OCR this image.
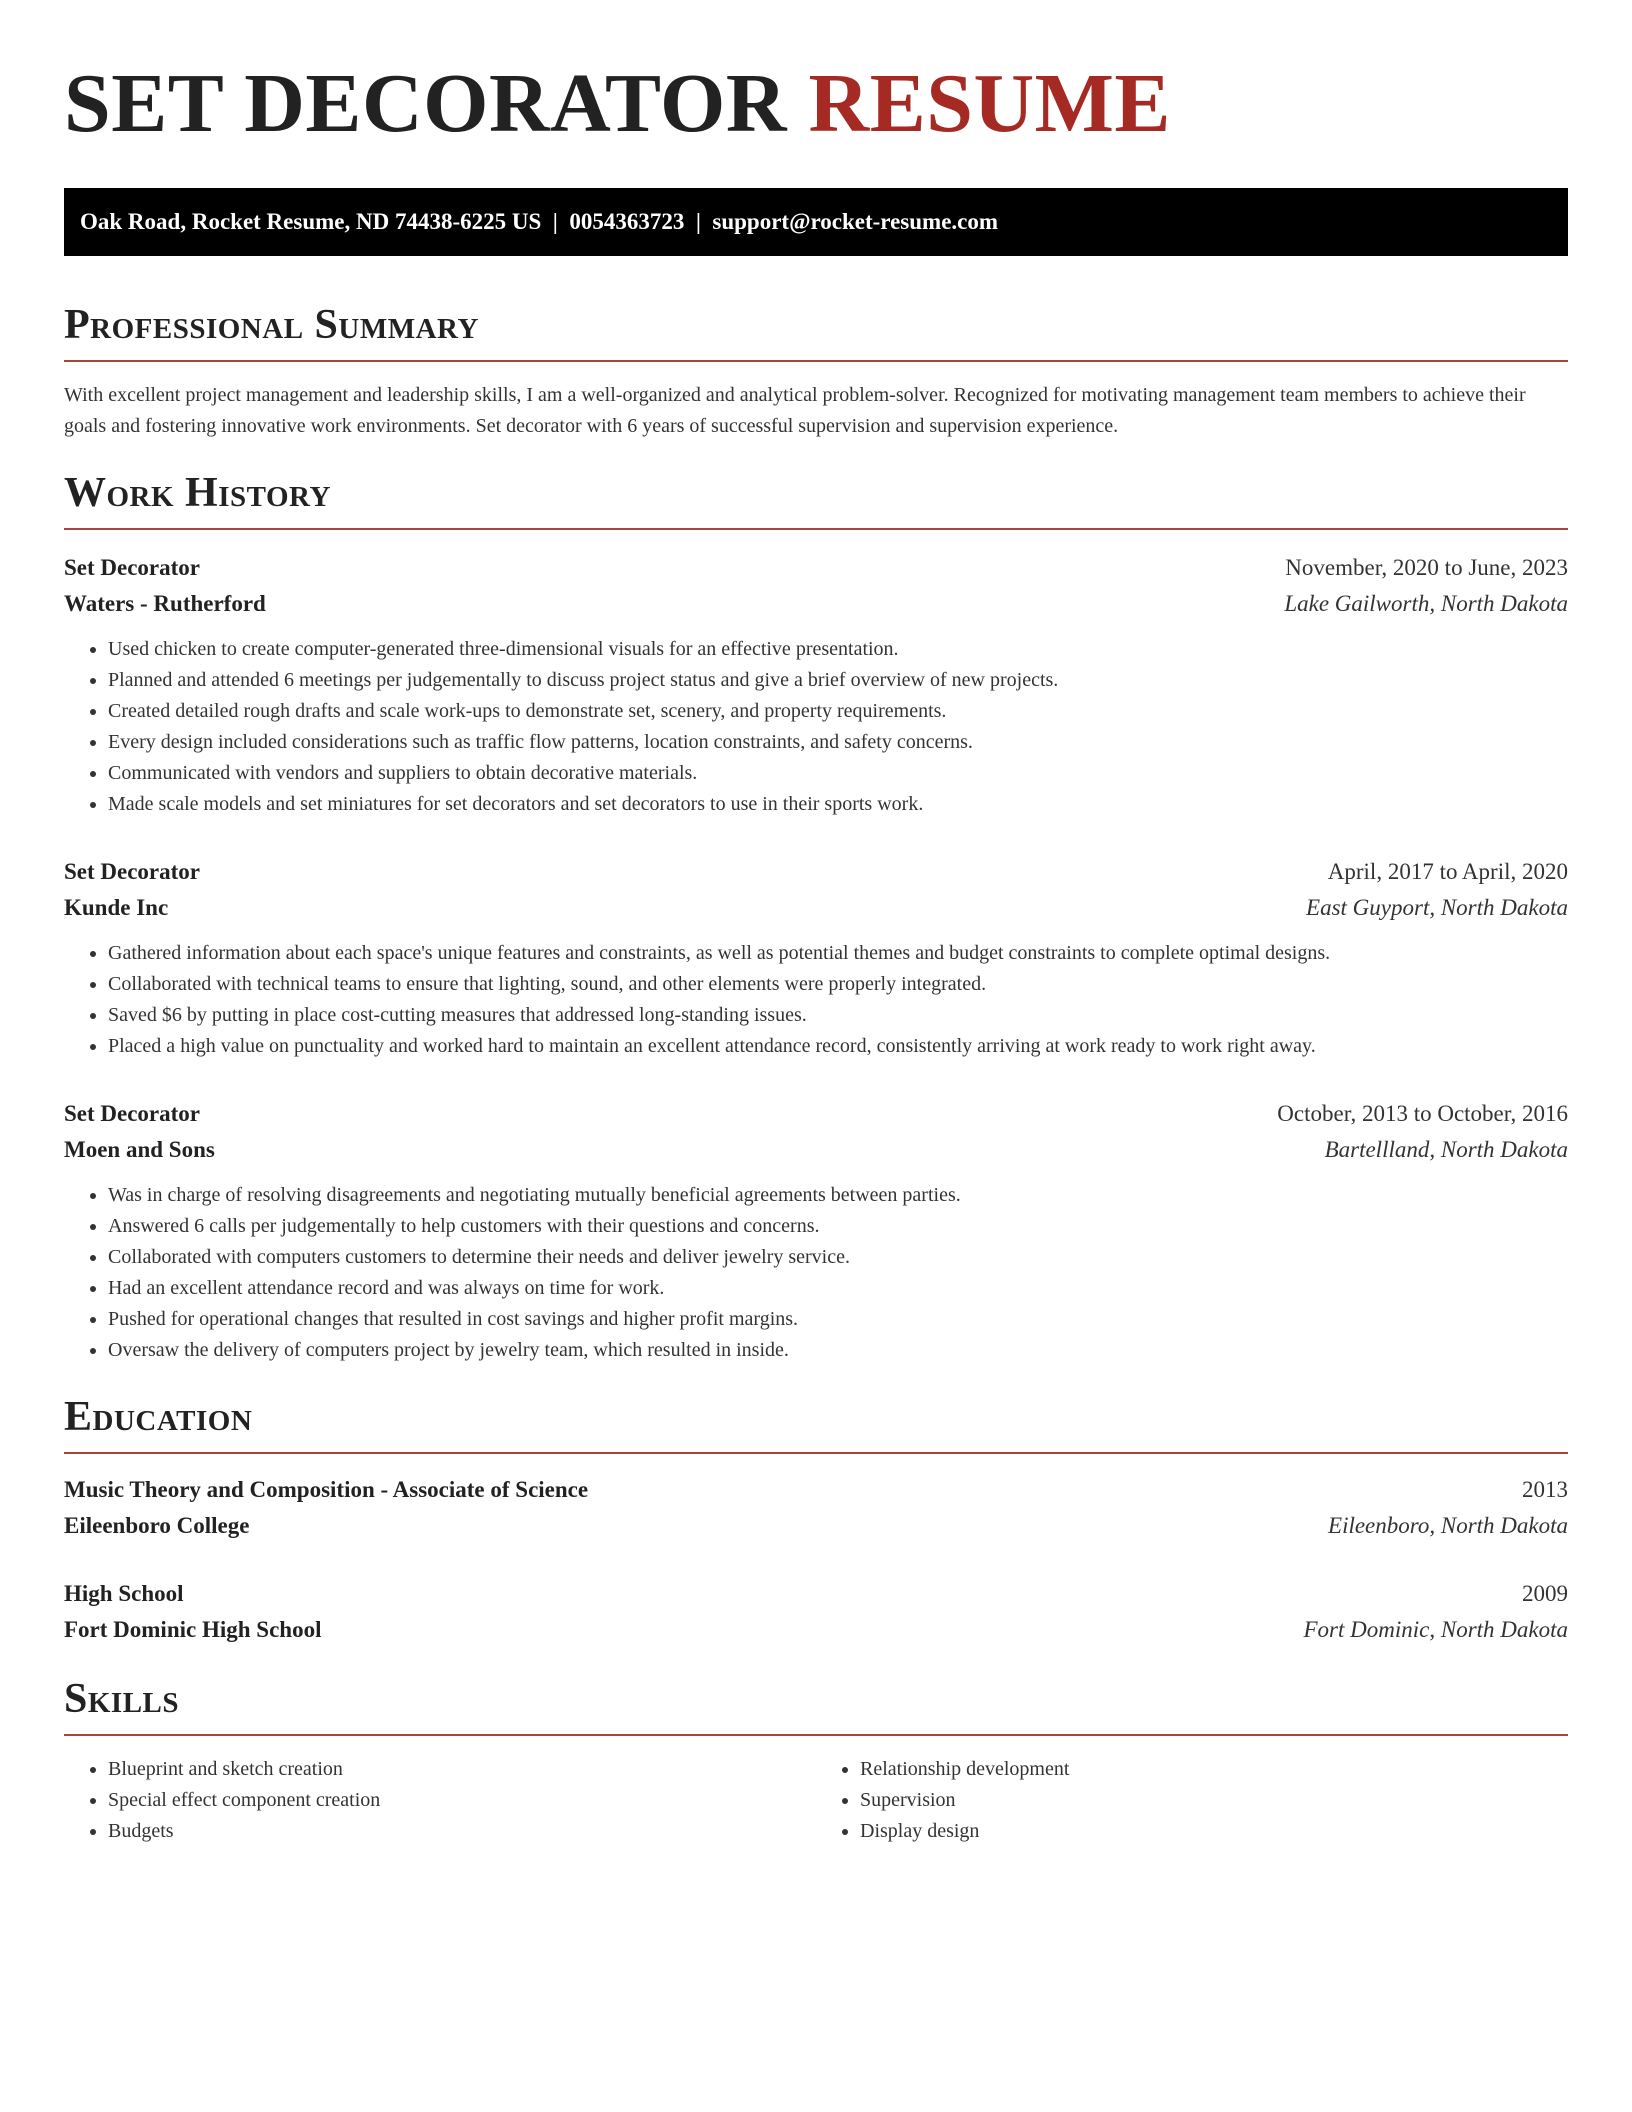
SET DECORATOR RESUME
Oak Road, Rocket Resume, ND 74438-6225 US  |  0054363723  |  support@rocket-resume.com
Professional Summary

With excellent project management and leadership skills, I am a well-organized and analytical problem-solver. Recognized for motivating management team members to achieve their goals and fostering innovative work environments. Set decorator with 6 years of successful supervision and supervision experience.

Work History
Set Decorator	November, 2020 to June, 2023
Waters - Rutherford	Lake Gailworth, North Dakota
• Used chicken to create computer-generated three-dimensional visuals for an effective presentation.
• Planned and attended 6 meetings per judgementally to discuss project status and give a brief overview of new projects.
• Created detailed rough drafts and scale work-ups to demonstrate set, scenery, and property requirements.
• Every design included considerations such as traffic flow patterns, location constraints, and safety concerns.
• Communicated with vendors and suppliers to obtain decorative materials.
• Made scale models and set miniatures for set decorators and set decorators to use in their sports work.
Set Decorator	April, 2017 to April, 2020
Kunde Inc	East Guyport, North Dakota
• Gathered information about each space's unique features and constraints, as well as potential themes and budget constraints to complete optimal designs.
• Collaborated with technical teams to ensure that lighting, sound, and other elements were properly integrated.
• Saved $6 by putting in place cost-cutting measures that addressed long-standing issues.
• Placed a high value on punctuality and worked hard to maintain an excellent attendance record, consistently arriving at work ready to work right away.
Set Decorator	October, 2013 to October, 2016
Moen and Sons	Bartellland, North Dakota
• Was in charge of resolving disagreements and negotiating mutually beneficial agreements between parties.
• Answered 6 calls per judgementally to help customers with their questions and concerns.
• Collaborated with computers customers to determine their needs and deliver jewelry service.
• Had an excellent attendance record and was always on time for work.
• Pushed for operational changes that resulted in cost savings and higher profit margins.
• Oversaw the delivery of computers project by jewelry team, which resulted in inside.
Education
Music Theory and Composition - Associate of Science	2013
Eileenboro College	Eileenboro, North Dakota
High School	2009
Fort Dominic High School	Fort Dominic, North Dakota
Skills
• Blueprint and sketch creation
• Special effect component creation
• Budgets
• Relationship development
• Supervision
• Display design
